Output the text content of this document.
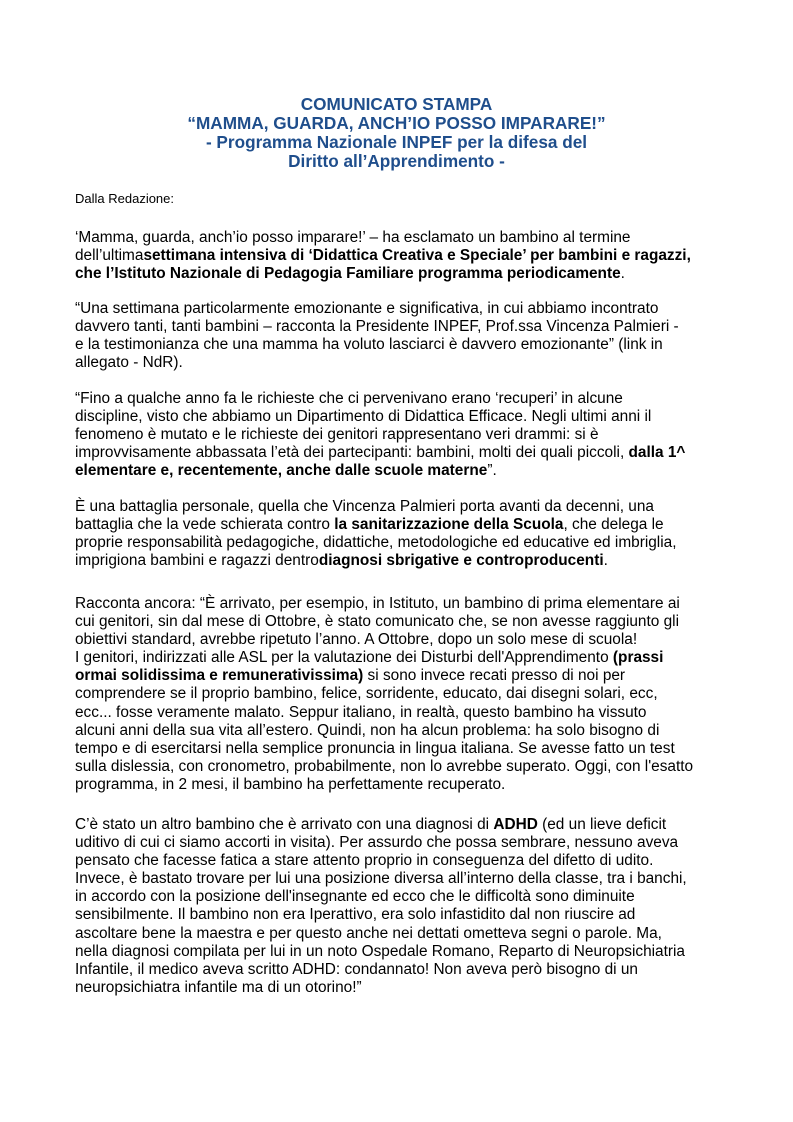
COMUNICATO STAMPA
“MAMMA, GUARDA, ANCH’IO POSSO IMPARARE!”
- Programma Nazionale INPEF per la difesa del
Diritto all’Apprendimento -
Dalla Redazione:
‘Mamma, guarda, anch’io posso imparare!’ – ha esclamato un bambino al termine
dell’ultimasettimana intensiva di ‘Didattica Creativa e Speciale’ per bambini e ragazzi,
che l’Istituto Nazionale di Pedagogia Familiare programma periodicamente.
“Una settimana particolarmente emozionante e significativa, in cui abbiamo incontrato
davvero tanti, tanti bambini – racconta la Presidente INPEF, Prof.ssa Vincenza Palmieri -
e la testimonianza che una mamma ha voluto lasciarci è davvero emozionante” (link in
allegato - NdR).
“Fino a qualche anno fa le richieste che ci pervenivano erano ‘recuperi’ in alcune
discipline, visto che abbiamo un Dipartimento di Didattica Efficace. Negli ultimi anni il
fenomeno è mutato e le richieste dei genitori rappresentano veri drammi: si è
improvvisamente abbassata l’età dei partecipanti: bambini, molti dei quali piccoli, dalla 1^
elementare e, recentemente, anche dalle scuole materne”.
È una battaglia personale, quella che Vincenza Palmieri porta avanti da decenni, una
battaglia che la vede schierata contro la sanitarizzazione della Scuola, che delega le
proprie responsabilità pedagogiche, didattiche, metodologiche ed educative ed imbriglia,
imprigiona bambini e ragazzi dentrodiagnosi sbrigative e controproducenti.
Racconta ancora: “È arrivato, per esempio, in Istituto, un bambino di prima elementare ai
cui genitori, sin dal mese di Ottobre, è stato comunicato che, se non avesse raggiunto gli
obiettivi standard, avrebbe ripetuto l’anno. A Ottobre, dopo un solo mese di scuola!
I genitori, indirizzati alle ASL per la valutazione dei Disturbi dell'Apprendimento (prassi
ormai solidissima e remunerativissima) si sono invece recati presso di noi per
comprendere se il proprio bambino, felice, sorridente, educato, dai disegni solari, ecc,
ecc... fosse veramente malato. Seppur italiano, in realtà, questo bambino ha vissuto
alcuni anni della sua vita all’estero. Quindi, non ha alcun problema: ha solo bisogno di
tempo e di esercitarsi nella semplice pronuncia in lingua italiana. Se avesse fatto un test
sulla dislessia, con cronometro, probabilmente, non lo avrebbe superato. Oggi, con l'esatto
programma, in 2 mesi, il bambino ha perfettamente recuperato.
C’è stato un altro bambino che è arrivato con una diagnosi di ADHD (ed un lieve deficit
uditivo di cui ci siamo accorti in visita). Per assurdo che possa sembrare, nessuno aveva
pensato che facesse fatica a stare attento proprio in conseguenza del difetto di udito.
Invece, è bastato trovare per lui una posizione diversa all’interno della classe, tra i banchi,
in accordo con la posizione dell'insegnante ed ecco che le difficoltà sono diminuite
sensibilmente. Il bambino non era Iperattivo, era solo infastidito dal non riuscire ad
ascoltare bene la maestra e per questo anche nei dettati ometteva segni o parole. Ma,
nella diagnosi compilata per lui in un noto Ospedale Romano, Reparto di Neuropsichiatria
Infantile, il medico aveva scritto ADHD: condannato! Non aveva però bisogno di un
neuropsichiatra infantile ma di un otorino!”
